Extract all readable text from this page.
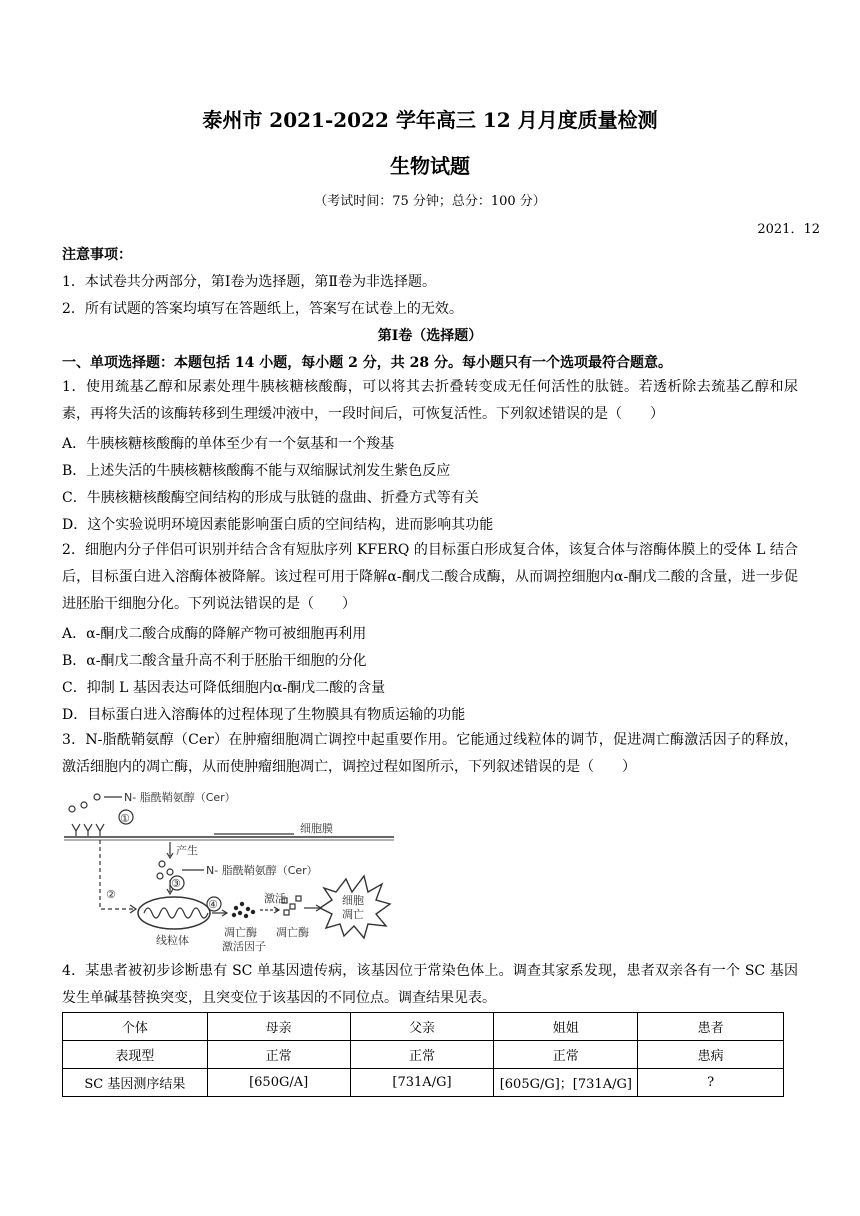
泰州市 2021-2022 学年高三 12 月月度质量检测
生物试题
（考试时间：75 分钟；总分：100 分）
2021．12
注意事项：
1．本试卷共分两部分，第Ⅰ卷为选择题，第Ⅱ卷为非选择题。
2．所有试题的答案均填写在答题纸上，答案写在试卷上的无效。
第Ⅰ卷（选择题）
一、单项选择题：本题包括 14 小题，每小题 2 分，共 28 分。每小题只有一个选项最符合题意。
1．使用巯基乙醇和尿素处理牛胰核糖核酸酶，可以将其去折叠转变成无任何活性的肽链。若透析除去巯基乙醇和尿素，再将失活的该酶转移到生理缓冲液中，一段时间后，可恢复活性。下列叙述错误的是（　　）
A．牛胰核糖核酸酶的单体至少有一个氨基和一个羧基
B．上述失活的牛胰核糖核酸酶不能与双缩脲试剂发生紫色反应
C．牛胰核糖核酸酶空间结构的形成与肽链的盘曲、折叠方式等有关
D．这个实验说明环境因素能影响蛋白质的空间结构，进而影响其功能
2．细胞内分子伴侣可识别并结合含有短肽序列 KFERQ 的目标蛋白形成复合体，该复合体与溶酶体膜上的受体 L 结合后，目标蛋白进入溶酶体被降解。该过程可用于降解α-酮戊二酸合成酶，从而调控细胞内α-酮戊二酸的含量，进一步促进胚胎干细胞分化。下列说法错误的是（　　）
A．α-酮戊二酸合成酶的降解产物可被细胞再利用
B．α-酮戊二酸含量升高不利于胚胎干细胞的分化
C．抑制 L 基因表达可降低细胞内α-酮戊二酸的含量
D．目标蛋白进入溶酶体的过程体现了生物膜具有物质运输的功能
3．N-脂酰鞘氨醇（Cer）在肿瘤细胞凋亡调控中起重要作用。它能通过线粒体的调节，促进凋亡酶激活因子的释放，激活细胞内的凋亡酶，从而使肿瘤细胞凋亡，调控过程如图所示，下列叙述错误的是（　　）
N- 脂酰鞘氨醇（Cer）
细胞膜
产生
N- 脂酰鞘氨醇（Cer）
激活
线粒体
凋亡酶
激活因子
凋亡酶
细胞
凋亡
①
②
③
④
4．某患者被初步诊断患有 SC 单基因遗传病，该基因位于常染色体上。调查其家系发现，患者双亲各有一个 SC 基因发生单碱基替换突变，且突变位于该基因的不同位点。调查结果见表。
个体	母亲	父亲	姐姐	患者
表现型	正常	正常	正常	患病
SC 基因测序结果	[650G/A]	[731A/G]	[605G/G]；[731A/G]	?
